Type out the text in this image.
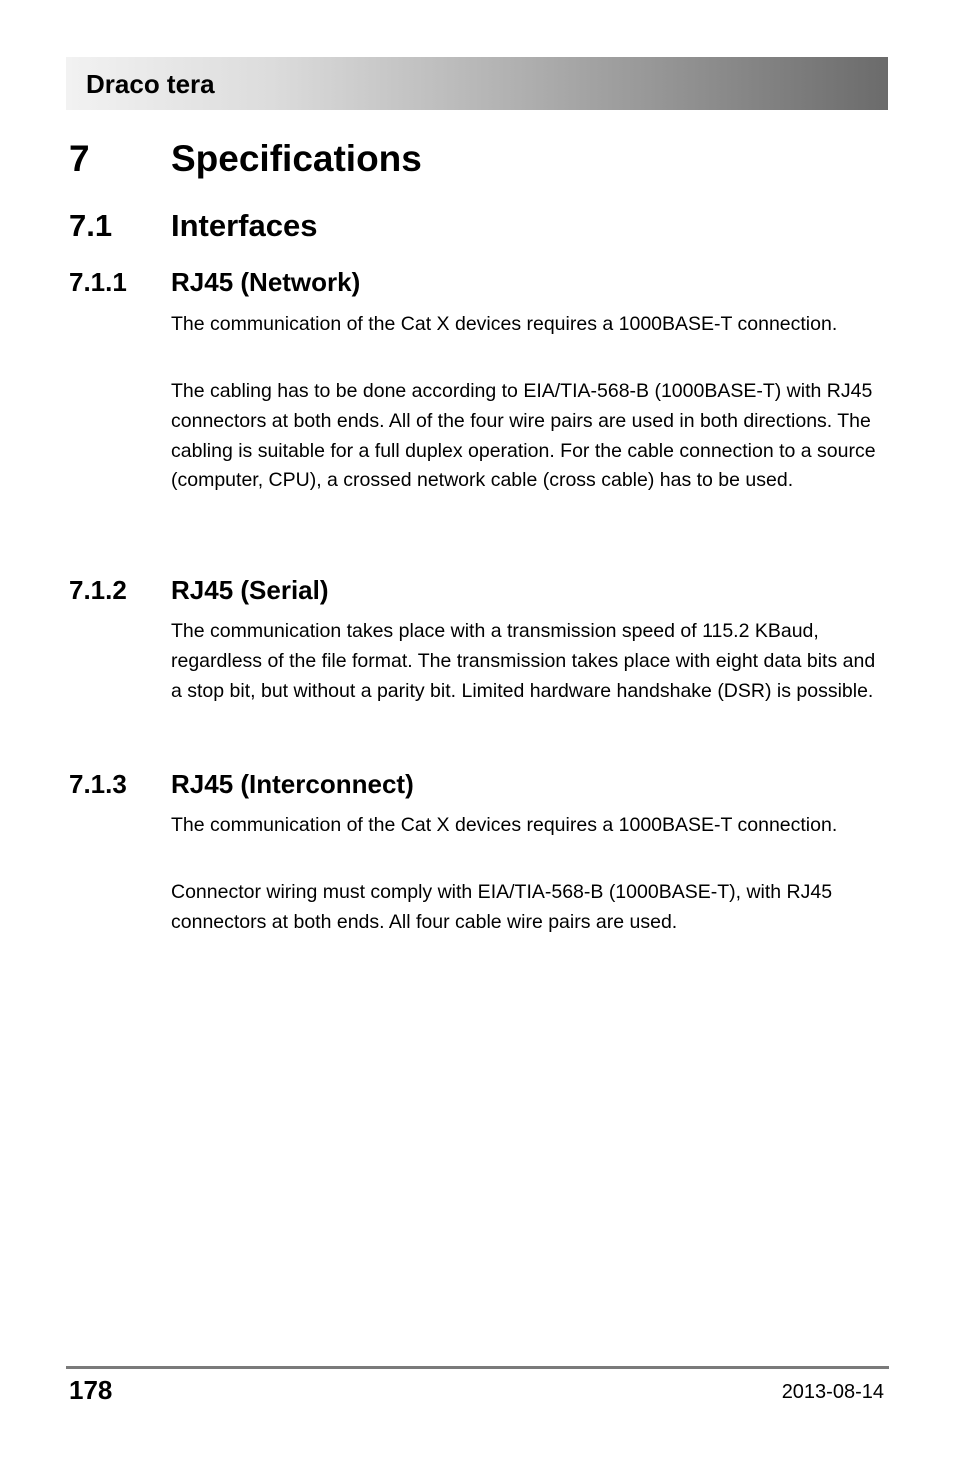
Draco tera
7 Specifications
7.1 Interfaces
7.1.1 RJ45 (Network)

The communication of the Cat X devices requires a 1000BASE-T connection.

The cabling has to be done according to EIA/TIA-568-B (1000BASE-T) with RJ45 connectors at both ends. All of the four wire pairs are used in both directions. The cabling is suitable for a full duplex operation. For the cable connection to a source (computer, CPU), a crossed network cable (cross cable) has to be used.

7.1.2 RJ45 (Serial)

The communication takes place with a transmission speed of 115.2 KBaud, regardless of the file format. The transmission takes place with eight data bits and a stop bit, but without a parity bit. Limited hardware handshake (DSR) is possible.

7.1.3 RJ45 (Interconnect)

The communication of the Cat X devices requires a 1000BASE-T connection.

Connector wiring must comply with EIA/TIA-568-B (1000BASE-T), with RJ45 connectors at both ends. All four cable wire pairs are used.

178	2013-08-14
